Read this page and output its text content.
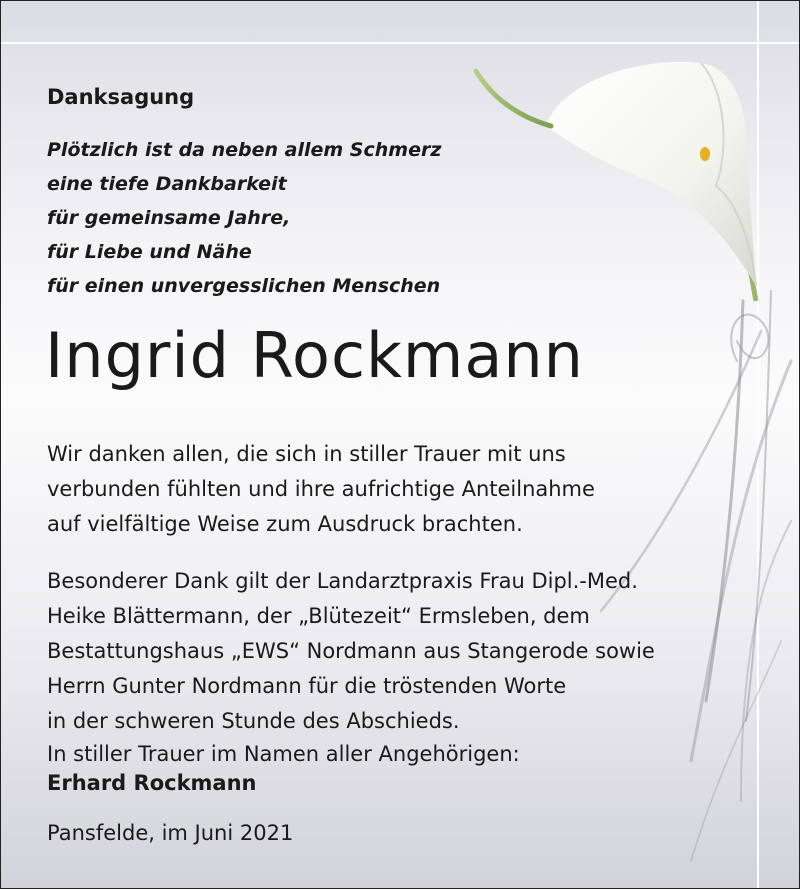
Danksagung
Plötzlich ist da neben allem Schmerz
eine tiefe Dankbarkeit
für gemeinsame Jahre,
für Liebe und Nähe
für einen unvergesslichen Menschen
Ingrid Rockmann

Wir danken allen, die sich in stiller Trauer mit uns
verbunden fühlten und ihre aufrichtige Anteilnahme
auf vielfältige Weise zum Ausdruck brachten.

Besonderer Dank gilt der Landarztpraxis Frau Dipl.-Med.
Heike Blättermann, der „Blütezeit“ Ermsleben, dem
Bestattungshaus „EWS“ Nordmann aus Stangerode sowie
Herrn Gunter Nordmann für die tröstenden Worte
in der schweren Stunde des Abschieds.

In stiller Trauer im Namen aller Angehörigen:

Erhard Rockmann

Pansfelde, im Juni 2021
